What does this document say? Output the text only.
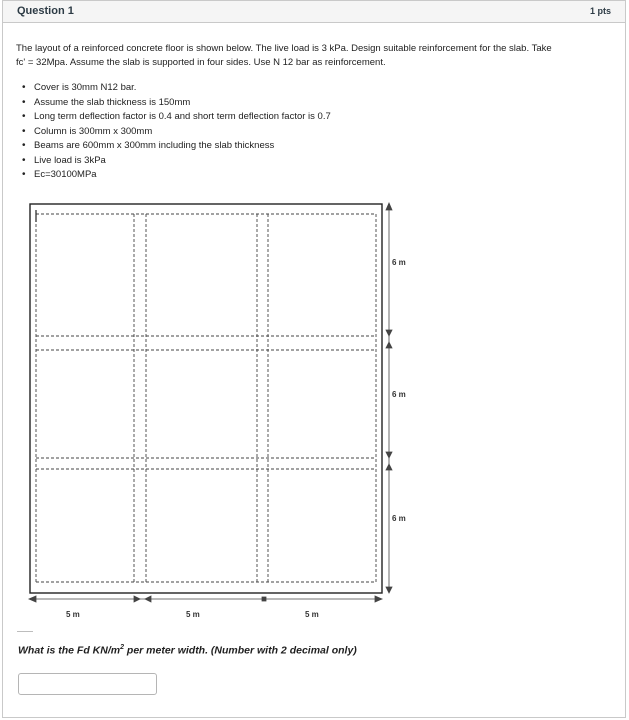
Question 1	1 pts
The layout of a reinforced concrete floor is shown below. The live load is 3 kPa. Design suitable reinforcement for the slab. Take
fc' = 32Mpa. Assume the slab is supported in four sides. Use N 12 bar as reinforcement.
• Cover is 30mm N12 bar.
• Assume the slab thickness is 150mm
• Long term deflection factor is 0.4 and short term deflection factor is 0.7
• Column is 300mm x 300mm
• Beams are 600mm x 300mm including the slab thickness
• Live load is 3kPa
• Ec=30100MPa
6 m
6 m
6 m
5 m	5 m	5 m
What is the Fd $KN/m^2$ per meter width. (Number with 2 decimal only)
